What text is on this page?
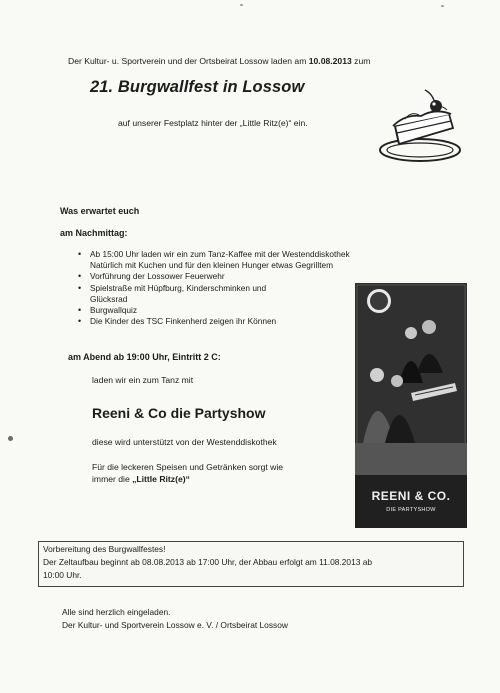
Der Kultur- u. Sportverein und der Ortsbeirat Lossow laden am 10.08.2013 zum
21. Burgwallfest in Lossow
auf unserer Festplatz hinter der „Little Ritz(e)“ ein.
Was erwartet euch
am Nachmittag:
• Ab 15:00 Uhr laden wir ein zum Tanz-Kaffee mit der Westenddiskothek
Natürlich mit Kuchen und für den kleinen Hunger etwas Gegrilltem
• Vorführung der Lossower Feuerwehr
• Spielstraße mit Hüpfburg, Kinderschminken und
Glücksrad
• Burgwallquiz
• Die Kinder des TSC Finkenherd zeigen ihr Können
am Abend ab 19:00 Uhr, Eintritt 2 C:
laden wir ein zum Tanz mit
Reeni & Co die Partyshow
diese wird unterstützt von der Westenddiskothek
Für die leckeren Speisen und Getränken sorgt wie
immer die „Little Ritz(e)“
REENI & CO.
DIE PARTYSHOW
Vorbereitung des Burgwallfestes!
Der Zeltaufbau beginnt ab 08.08.2013 ab 17:00 Uhr, der Abbau erfolgt am 11.08.2013 ab
10:00 Uhr.
Alle sind herzlich eingeladen.
Der Kultur- und Sportverein Lossow e. V. / Ortsbeirat Lossow
